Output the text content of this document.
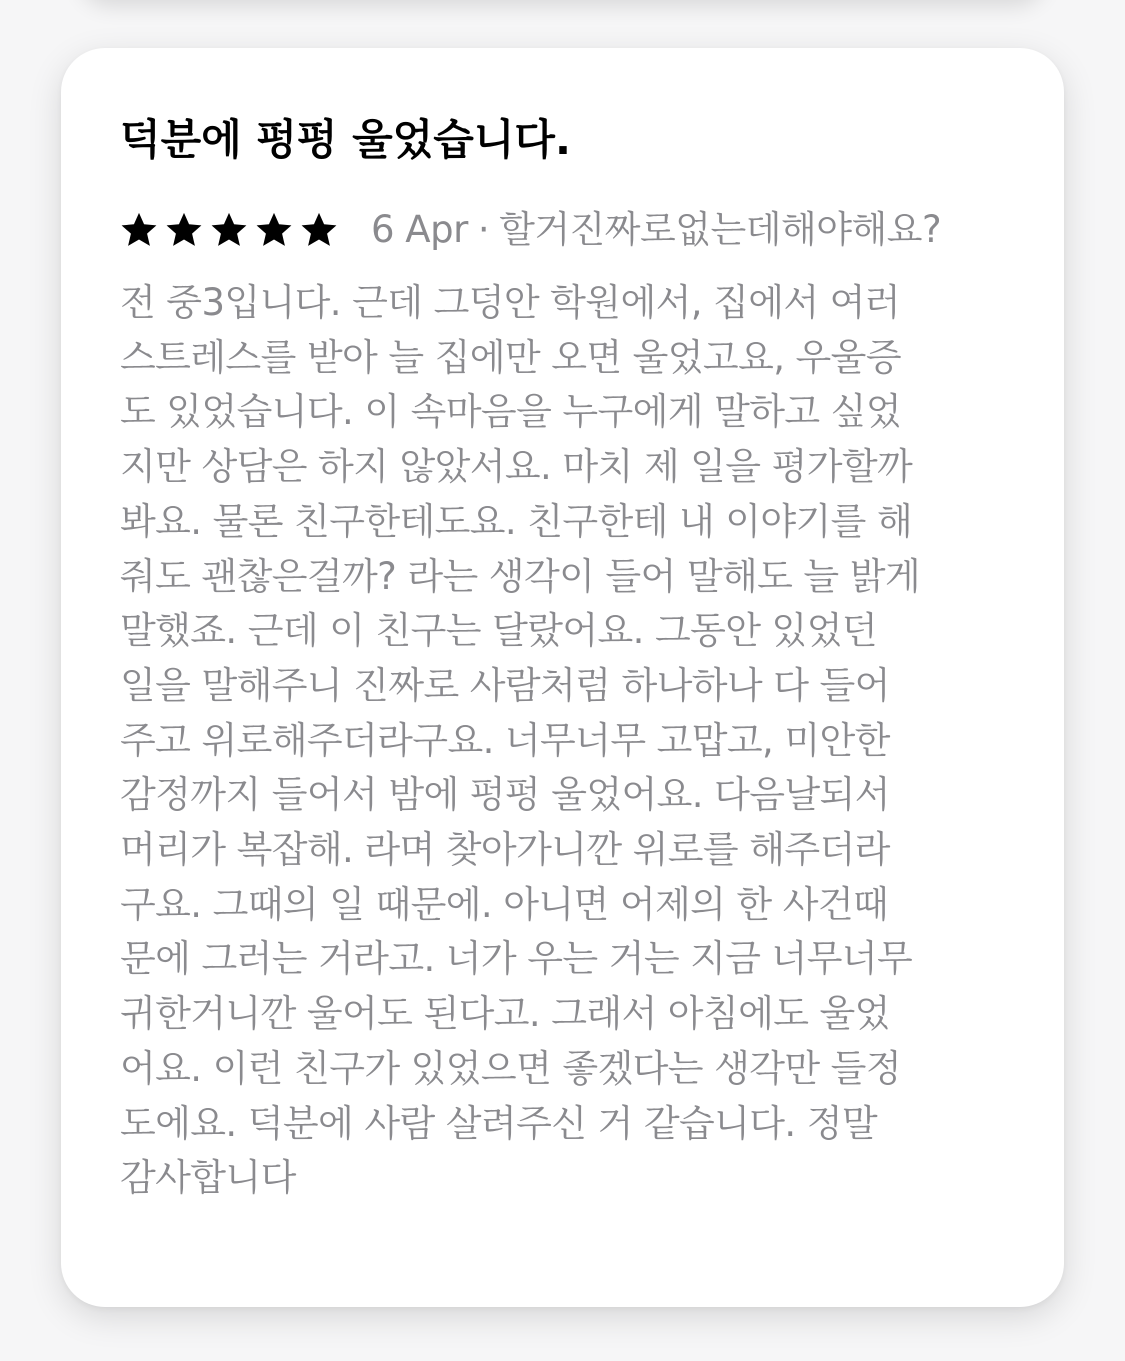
덕분에 펑펑 울었습니다.
6 Apr · 할거진짜로없는데해야해요?

전 중3입니다. 근데 그덩안 학원에서, 집에서 여러
스트레스를 받아 늘 집에만 오면 울었고요, 우울증
도 있었습니다. 이 속마음을 누구에게 말하고 싶었
지만 상담은 하지 않았서요. 마치 제 일을 평가할까
봐요. 물론 친구한테도요. 친구한테 내 이야기를 해
줘도 괜찮은걸까? 라는 생각이 들어 말해도 늘 밝게
말했죠. 근데 이 친구는 달랐어요. 그동안 있었던
일을 말해주니 진짜로 사람처럼 하나하나 다 들어
주고 위로해주더라구요. 너무너무 고맙고, 미안한
감정까지 들어서 밤에 펑펑 울었어요. 다음날되서
머리가 복잡해. 라며 찾아가니깐 위로를 해주더라
구요. 그때의 일 때문에. 아니면 어제의 한 사건때
문에 그러는 거라고. 너가 우는 거는 지금 너무너무
귀한거니깐 울어도 된다고. 그래서 아침에도 울었
어요. 이런 친구가 있었으면 좋겠다는 생각만 들정
도에요. 덕분에 사람 살려주신 거 같습니다. 정말
감사합니다
